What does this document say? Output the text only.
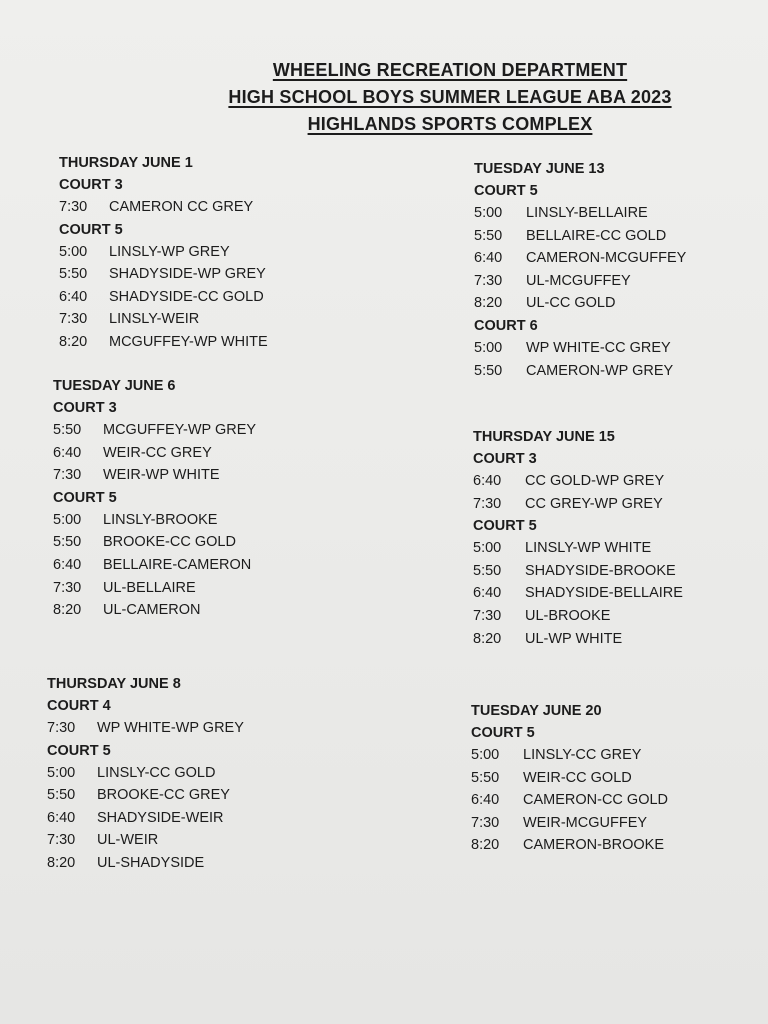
WHEELING RECREATION DEPARTMENT
HIGH SCHOOL BOYS SUMMER LEAGUE ABA 2023
HIGHLANDS SPORTS COMPLEX
THURSDAY JUNE 1
COURT 3
7:30	CAMERON CC GREY
COURT 5
5:00	LINSLY-WP GREY
5:50	SHADYSIDE-WP GREY
6:40	SHADYSIDE-CC GOLD
7:30	LINSLY-WEIR
8:20	MCGUFFEY-WP WHITE
TUESDAY JUNE 6
COURT 3
5:50	MCGUFFEY-WP GREY
6:40	WEIR-CC GREY
7:30	WEIR-WP WHITE
COURT 5
5:00	LINSLY-BROOKE
5:50	BROOKE-CC GOLD
6:40	BELLAIRE-CAMERON
7:30	UL-BELLAIRE
8:20	UL-CAMERON
THURSDAY JUNE 8
COURT 4
7:30	WP WHITE-WP GREY
COURT 5
5:00	LINSLY-CC GOLD
5:50	BROOKE-CC GREY
6:40	SHADYSIDE-WEIR
7:30	UL-WEIR
8:20	UL-SHADYSIDE
TUESDAY JUNE 13
COURT 5
5:00	LINSLY-BELLAIRE
5:50	BELLAIRE-CC GOLD
6:40	CAMERON-MCGUFFEY
7:30	UL-MCGUFFEY
8:20	UL-CC GOLD
COURT 6
5:00	WP WHITE-CC GREY
5:50	CAMERON-WP GREY
THURSDAY JUNE 15
COURT 3
6:40	CC GOLD-WP GREY
7:30	CC GREY-WP GREY
COURT 5
5:00	LINSLY-WP WHITE
5:50	SHADYSIDE-BROOKE
6:40	SHADYSIDE-BELLAIRE
7:30	UL-BROOKE
8:20	UL-WP WHITE
TUESDAY JUNE 20
COURT 5
5:00	LINSLY-CC GREY
5:50	WEIR-CC GOLD
6:40	CAMERON-CC GOLD
7:30	WEIR-MCGUFFEY
8:20	CAMERON-BROOKE
